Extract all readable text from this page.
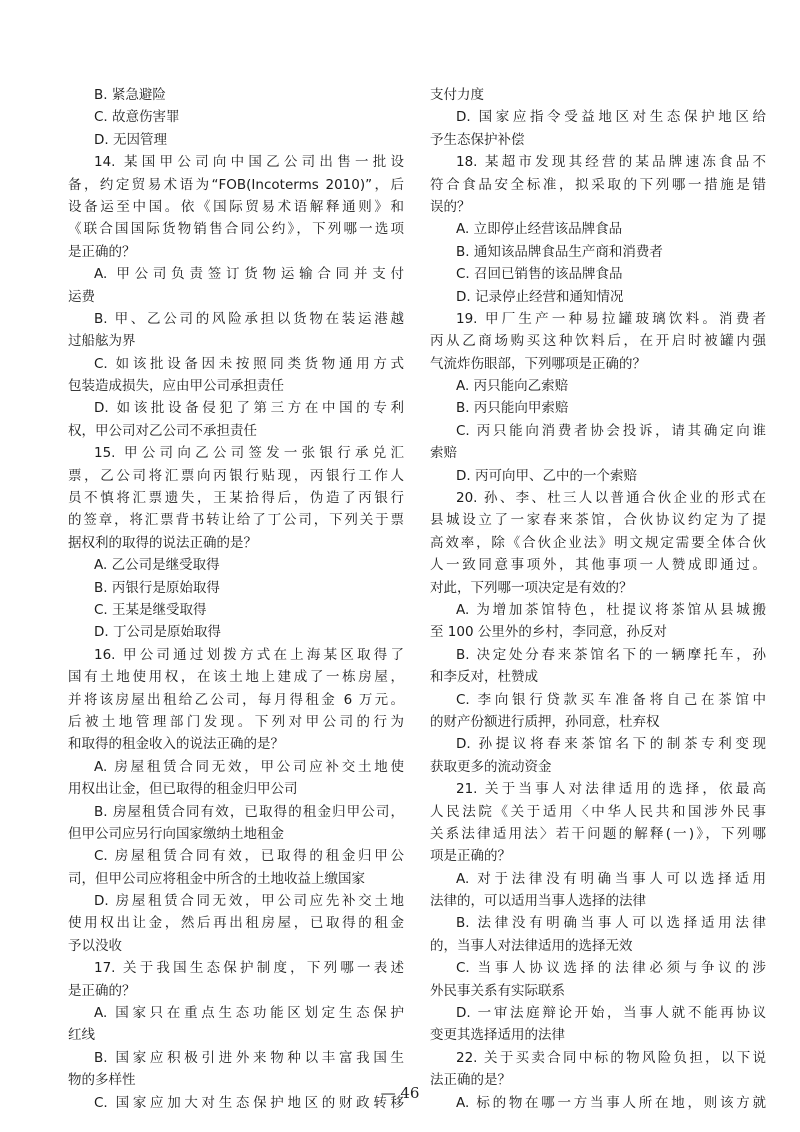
B. 紧急避险
C. 故意伤害罪
D. 无因管理
14. 某国甲公司向中国乙公司出售一批设
备，约定贸易术语为“FOB(Incoterms 2010)”，后
设备运至中国。依《国际贸易术语解释通则》和
《联合国国际货物销售合同公约》，下列哪一选项
是正确的？
A. 甲公司负责签订货物运输合同并支付
运费
B. 甲、乙公司的风险承担以货物在装运港越
过船舷为界
C. 如该批设备因未按照同类货物通用方式
包装造成损失，应由甲公司承担责任
D. 如该批设备侵犯了第三方在中国的专利
权，甲公司对乙公司不承担责任
15. 甲公司向乙公司签发一张银行承兑汇
票，乙公司将汇票向丙银行贴现，丙银行工作人
员不慎将汇票遗失，王某拾得后，伪造了丙银行
的签章，将汇票背书转让给了丁公司，下列关于票
据权利的取得的说法正确的是？
A. 乙公司是继受取得
B. 丙银行是原始取得
C. 王某是继受取得
D. 丁公司是原始取得
16. 甲公司通过划拨方式在上海某区取得了
国有土地使用权，在该土地上建成了一栋房屋，
并将该房屋出租给乙公司，每月得租金 6 万元。
后被土地管理部门发现。下列对甲公司的行为
和取得的租金收入的说法正确的是？
A. 房屋租赁合同无效，甲公司应补交土地使
用权出让金，但已取得的租金归甲公司
B. 房屋租赁合同有效，已取得的租金归甲公司，
但甲公司应另行向国家缴纳土地租金
C. 房屋租赁合同有效，已取得的租金归甲公
司，但甲公司应将租金中所含的土地收益上缴国家
D. 房屋租赁合同无效，甲公司应先补交土地
使用权出让金，然后再出租房屋，已取得的租金
予以没收
17. 关于我国生态保护制度，下列哪一表述
是正确的？
A. 国家只在重点生态功能区划定生态保护
红线
B. 国家应积极引进外来物种以丰富我国生
物的多样性
C. 国家应加大对生态保护地区的财政转移
支付力度
D. 国家应指令受益地区对生态保护地区给
予生态保护补偿
18. 某超市发现其经营的某品牌速冻食品不
符合食品安全标准，拟采取的下列哪一措施是错
误的？
A. 立即停止经营该品牌食品
B. 通知该品牌食品生产商和消费者
C. 召回已销售的该品牌食品
D. 记录停止经营和通知情况
19. 甲厂生产一种易拉罐玻璃饮料。消费者
丙从乙商场购买这种饮料后，在开启时被罐内强
气流炸伤眼部，下列哪项是正确的？
A. 丙只能向乙索赔
B. 丙只能向甲索赔
C. 丙只能向消费者协会投诉，请其确定向谁
索赔
D. 丙可向甲、乙中的一个索赔
20. 孙、李、杜三人以普通合伙企业的形式在
县城设立了一家春来茶馆，合伙协议约定为了提
高效率，除《合伙企业法》明文规定需要全体合伙
人一致同意事项外，其他事项一人赞成即通过。
对此，下列哪一项决定是有效的？
A. 为增加茶馆特色，杜提议将茶馆从县城搬
至 100 公里外的乡村，李同意，孙反对
B. 决定处分春来茶馆名下的一辆摩托车，孙
和李反对，杜赞成
C. 李向银行贷款买车准备将自己在茶馆中
的财产份额进行质押，孙同意，杜弃权
D. 孙提议将春来茶馆名下的制茶专利变现
获取更多的流动资金
21. 关于当事人对法律适用的选择，依最高
人民法院《关于适用〈中华人民共和国涉外民事
关系法律适用法〉若干问题的解释(一)》，下列哪
项是正确的？
A. 对于法律没有明确当事人可以选择适用
法律的，可以适用当事人选择的法律
B. 法律没有明确当事人可以选择适用法律
的，当事人对法律适用的选择无效
C. 当事人协议选择的法律必须与争议的涉
外民事关系有实际联系
D. 一审法庭辩论开始，当事人就不能再协议
变更其选择适用的法律
22. 关于买卖合同中标的物风险负担，以下说
法正确的是？
A. 标的物在哪一方当事人所在地，则该方就
— 46
